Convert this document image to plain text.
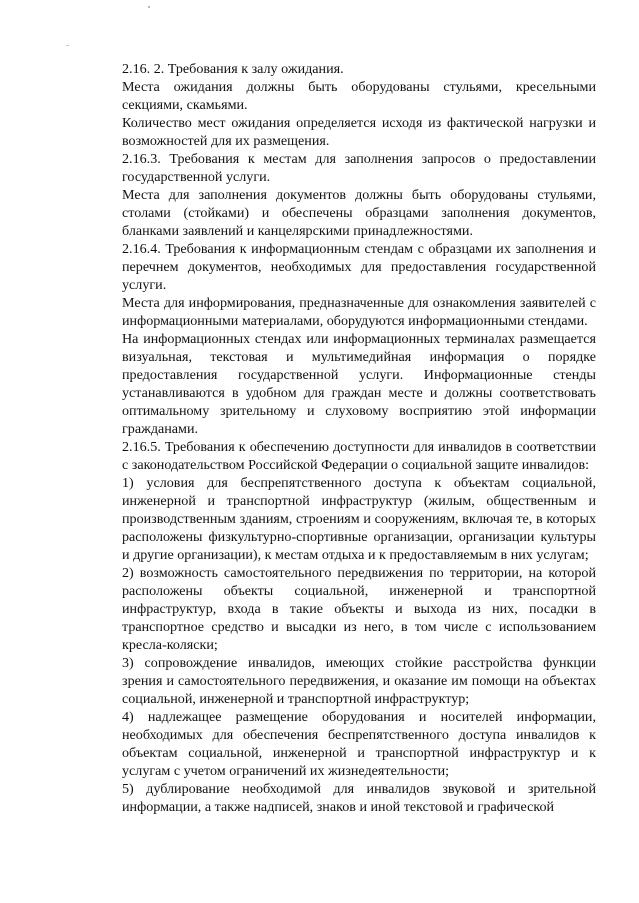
2.16. 2. Требования к залу ожидания.

Места ожидания должны быть оборудованы стульями, кресельными секциями, скамьями.

Количество мест ожидания определяется исходя из фактической нагрузки и возможностей для их размещения.

2.16.3. Требования к местам для заполнения запросов о предоставлении государственной услуги.

Места для заполнения документов должны быть оборудованы стульями, столами (стойками) и обеспечены образцами заполнения документов, бланками заявлений и канцелярскими принадлежностями.

2.16.4. Требования к информационным стендам с образцами их заполнения и перечнем документов, необходимых для предоставления государственной услуги.

Места для информирования, предназначенные для ознакомления заявителей с информационными материалами, оборудуются информационными стендами.

На информационных стендах или информационных терминалах размещается визуальная, текстовая и мультимедийная информация о порядке предоставления государственной услуги. Информационные стенды устанавливаются в удобном для граждан месте и должны соответствовать оптимальному зрительному и слуховому восприятию этой информации гражданами.

2.16.5. Требования к обеспечению доступности для инвалидов в соответствии с законодательством Российской Федерации о социальной защите инвалидов:

1) условия для беспрепятственного доступа к объектам социальной, инженерной и транспортной инфраструктур (жилым, общественным и производственным зданиям, строениям и сооружениям, включая те, в которых расположены физкультурно-спортивные организации, организации культуры и другие организации), к местам отдыха и к предоставляемым в них услугам;

2) возможность самостоятельного передвижения по территории, на которой расположены объекты социальной, инженерной и транспортной инфраструктур, входа в такие объекты и выхода из них, посадки в транспортное средство и высадки из него, в том числе с использованием кресла-коляски;

3) сопровождение инвалидов, имеющих стойкие расстройства функции зрения и самостоятельного передвижения, и оказание им помощи на объектах социальной, инженерной и транспортной инфраструктур;

4) надлежащее размещение оборудования и носителей информации, необходимых для обеспечения беспрепятственного доступа инвалидов к объектам социальной, инженерной и транспортной инфраструктур и к услугам с учетом ограничений их жизнедеятельности;

5) дублирование необходимой для инвалидов звуковой и зрительной информации, а также надписей, знаков и иной текстовой и графической
